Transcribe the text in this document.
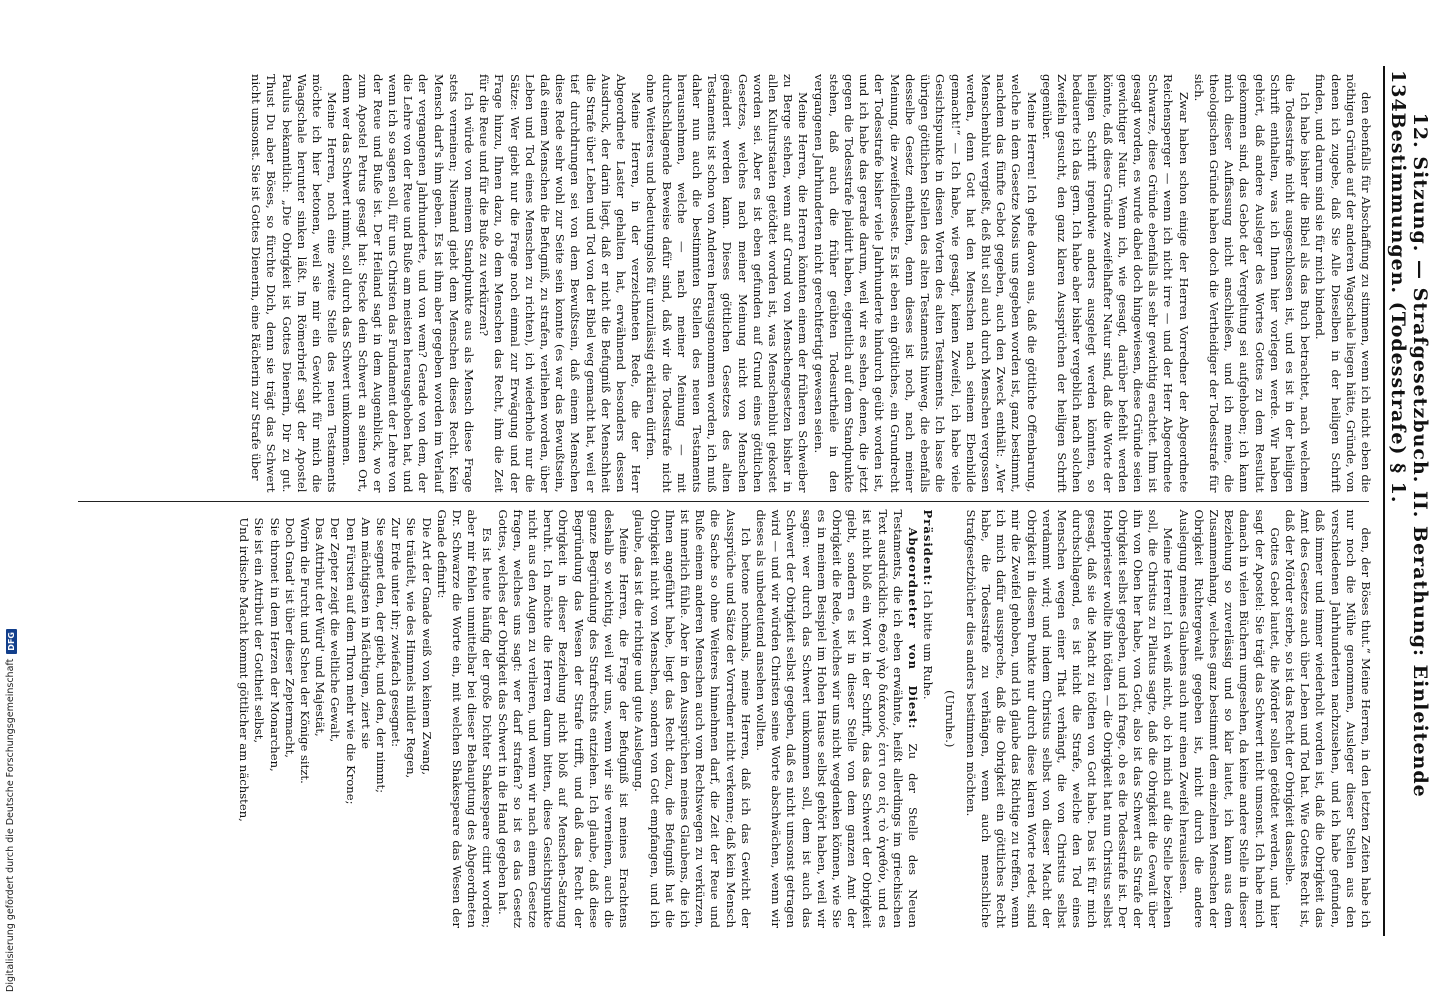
134
12. Sitzung. — Strafgesetzbuch. II. Berathung: Einleitende Bestimmungen. (Todesstrafe) § 1.

den ebenfalls für Abschaffung zu stimmen, wenn ich nicht eben die nöthigen Gründe auf der anderen Wagschale liegen hätte, Gründe, von denen ich zugebe, daß Sie Alle Dieselben in der heiligen Schrift finden, und darum sind sie für mich bindend.

Ich habe bisher die Bibel als das Buch betrachtet, nach welchem die Todesstrafe nicht ausgeschlossen ist, und es ist in der heiligen Schrift enthalten, was ich Ihnen hier vorlegen werde. Wir haben gehört, daß andere Ausleger des Wortes Gottes zu dem Resultat gekommen sind, das Gebot der Vergeltung sei aufgehoben; ich kann mich dieser Auffassung nicht anschließen, und ich meine, die theologischen Gründe haben doch die Vertheidiger der Todesstrafe für sich.

Zwar haben schon einige der Herren Vorredner der Abgeordnete Reichensperger — wenn ich nicht irre — und der Herr Abgeordnete Schwarze, diese Gründe ebenfalls als sehr gewichtig erachtet. Ihm ist gesagt worden, es wurde dabei doch hingewiesen, diese Gründe seien gewichtiger Natur. Wenn ich, wie gesagt, darüber befehlt werden könnte, daß diese Gründe zweifelhafter Natur sind, daß die Worte der heiligen Schrift irgendwie anders ausgelegt werden könnten, so bedauerte ich das gern. Ich habe aber bisher vergeblich nach solchen Zweifeln gesucht, den ganz klaren Aussprüchen der heiligen Schrift gegenüber.

Meine Herren! Ich gehe davon aus, daß die göttliche Offenbarung, welche in dem Gesetze Mosis uns gegeben worden ist, ganz bestimmt, nachdem das fünfte Gebot gegeben, auch den Zweck enthält: „Wer Menschenblut vergießt, deß Blut soll auch durch Menschen vergossen werden, denn Gott hat den Menschen nach seinem Ebenbilde gemacht!“ — Ich habe, wie gesagt, keinen Zweifel, ich habe viele Gesichtspunkte in diesen Worten des alten Testaments. Ich lasse die übrigen göttlichen Stellen des alten Testaments hinweg, die ebenfalls desselbe Gesetz enthalten, denn dieses ist noch, nach meiner Meinung, die zweifelloseste. Es ist eben ein göttliches, ein Grundrecht der Todesstrafe bisher viele Jahrhunderte hindurch geübt worden ist, und ich habe das gerade darum, weil wir es sehen, denen, die jetzt gegen die Todesstrafe plaidirt haben, eigentlich auf dem Standpunkte stehen, daß auch die früher geübten Todesurtheile in den vergangenen Jahrhunderten nicht gerechtfertigt gewesen seien.

Meine Herren, die Herren könnten einem der früheren Schweiber zu Berge stehen, wenn auf Grund von Menschengesetzen bisher in allen Kulturstaaten getödtet worden ist, was Menschenblut gekostet worden sei. Aber es ist eben gefunden auf Grund eines göttlichen Gesetzes, welches nach meiner Meinung nicht von Menschen geändert werden kann. Dieses göttlichen Gesetzes des alten Testaments ist schon von Anderen herausgenommen worden, ich muß daher nun auch die bestimmten Stellen des neuen Testaments herausnehmen, welche — nach meiner Meinung — mit durchschlagende Beweise dafür sind, daß wir die Todesstrafe nicht ohne Weiteres und bedeutungslos für unzulässig erklären dürfen.

Meine Herren, in der verzeichneten Rede, die der Herr Abgeordnete Laster gehalten hat, erwähnend besonders dessen Ausdruck, der darin liegt, daß er nicht die Befugniß der Menschheit die Strafe über Leben und Tod von der Bibel weg gemacht hat, weil er tief durchdrungen sei von dem Bewußtsein, daß einem Menschen diese Rede sehr wohl zur Seite sein konnte (es war das Bewußtsein, daß einem Menschen die Befugniß, zu strafen, verliehen worden, über Leben und Tod eines Menschen zu richten), ich wiederhole nur die Sätze: Wer giebt nur die Frage noch einmal zur Erwägung und der Frage hinzu, Ihnen dazu, ob dem Menschen das Recht, ihm die Zeit für die Reue und für die Buße zu verkürzen?

Ich würde von meinem Standpunkte aus als Mensch diese Frage stets verneinen; Niemand giebt dem Menschen dieses Recht. Kein Mensch darf's ihm geben. Es ist ihm aber gegeben worden im Verlauf der vergangenen Jahrhunderte, und von wem? Gerade von dem, der die Lehre von der Reue und Buße am meisten herausgehoben hat, und wenn ich so sagen soll, für uns Christen das Fundament der Lehre von der Reue und Buße ist. Der Heiland sagt in dem Augenblick, wo er zum Apostel Petrus gesagt hat: Stecke dein Schwert an seinen Ort, denn wer das Schwert nimmt, soll durch das Schwert umkommen.

Meine Herren, noch eine zweite Stelle des neuen Testaments möchte ich hier betonen, weil sie mir ein Gewicht für mich die Waagschale herunter sinken läßt. Im Römerbrief sagt der Apostel Paulus bekanntlich: „Die Obrigkeit ist Gottes Dienerin, Dir zu gut. Thust Du aber Böses, so fürchte Dich, denn sie trägt das Schwert nicht umsonst. Sie ist Gottes Dienerin, eine Rächerin zur Strafe über

den, der Böses thut.“ Meine Herren, in den letzten Zeiten habe ich nur noch die Mühe genommen, Ausleger dieser Stellen aus den verschiedenen Jahrhunderten nachzusehen, und ich habe gefunden, daß immer und immer wiederholt worden ist, daß die Obrigkeit das Amt des Gesetzes auch über Leben und Tod hat. Wie Gottes Recht ist, daß der Mörder sterbe, so ist das Recht der Obrigkeit dasselbe.

Gottes Gebot lautet, die Mörder sollen getödtet werden, und hier sagt der Apostel: Sie trägt das Schwert nicht umsonst. Ich habe mich danach in vielen Büchern umgesehen, da keine andere Stelle in dieser Beziehung so zuverlässig und so klar lautet, ich kann aus dem Zusammenhang, welches ganz bestimmt dem einzelnen Menschen der Obrigkeit Richtergewalt gegeben ist, nicht durch die andere Auslegung meines Glaubens auch nur einen Zweifel herauslesen.

Meine Herren! Ich weiß nicht, ob ich mich auf die Stelle beziehen soll, die Christus zu Pilatus sagte, daß die Obrigkeit die Gewalt über ihn von Oben her habe, von Gott, also ist das Schwert als Strafe der Obrigkeit selbst gegeben, und ich frage, ob es die Todesstrafe ist. Der Hohepriester wollte ihn tödten — die Obrigkeit hat nun Christus selbst gesagt, daß sie die Macht zu tödten von Gott habe. Das ist für mich durchschlagend, es ist nicht die Strafe, welche den Tod eines Menschen wegen einer That verhängt, die von Christus selbst verdammt wird; und indem Christus selbst von dieser Macht der Obrigkeit in diesem Punkte nur durch diese klaren Worte redet, sind mir die Zweifel gehoben, und ich glaube das Richtige zu treffen, wenn ich mich dafür ausspreche, daß die Obrigkeit ein göttliches Recht habe, die Todesstrafe zu verhängen, wenn auch menschliche Strafgesetzbücher dies anders bestimmen möchten.

(Unruhe.)

Präsident: Ich bitte um Ruhe.

Abgeordneter von Diest: Zu der Stelle des Neuen Testaments, die ich eben erwähnte, heißt allerdings im griechischen Text ausdrücklich: Θεοῦ γὰρ διάκονός ἐστι σοι εἰς τὸ ἀγαθόν, und es ist nicht bloß ein Wort in der Schrift, das das Schwert der Obrigkeit giebt, sondern es ist in dieser Stelle von dem ganzen Amt der Obrigkeit die Rede, welches wir uns nicht wegdenken können, wie Sie es in meinem Beispiel im Hohen Hause selbst gehört haben, weil wir sagen: wer durch das Schwert umkommen soll, dem ist auch das Schwert der Obrigkeit selbst gegeben, daß es nicht umsonst getragen wird — und wir würden Christen seine Worte abschwächen, wenn wir dieses als unbedeutend ansehen wollten.

Ich betone nochmals, meine Herren, daß ich das Gewicht der Aussprüche und Sätze der Vorredner nicht verkenne; daß kein Mensch die Sache so ohne Weiteres hinnehmen darf, die Zeit der Reue und Buße einem anderen Menschen auch vom Rechtswegen zu verkürzen, ist innerlich fühle. Aber in den Aussprüchen meines Glaubens, die ich Ihnen angeführt habe, liegt das Recht dazu, die Befugniß hat die Obrigkeit nicht von Menschen, sondern von Gott empfangen, und ich glaube, das ist die richtige und gute Auslegung.

Meine Herren, die Frage der Befugniß ist meines Erachtens deshalb so wichtig, weil wir uns, wenn wir sie verneinen, auch die ganze Begründung des Strafrechts entziehen. Ich glaube, daß diese Begründung das Wesen der Strafe trifft, und daß das Recht der Obrigkeit in dieser Beziehung nicht bloß auf Menschen-Satzung beruht. Ich möchte die Herren darum bitten, diese Gesichtspunkte nicht aus den Augen zu verlieren, und wenn wir nach einem Gesetze fragen, welches uns sagt: wer darf strafen? so ist es das Gesetz Gottes, welches der Obrigkeit das Schwert in die Hand gegeben hat.

Es ist heute häufig der große Dichter Shakespeare citirt worden; aber mir fehlen unmittelbar bei dieser Behauptung des Abgeordneten Dr. Schwarze die Worte ein, mit welchen Shakespeare das Wesen der Gnade definirt:

Die Art der Gnade weiß von keinem Zwang,

Sie träufelt, wie des Himmels milder Regen,

Zur Erde unter ihr; zwiefach gesegnet:

Sie segnet den, der giebt, und den, der nimmt;

Am mächtigsten in Mächtigen, ziert sie

Den Fürsten auf dem Thron mehr wie die Krone;

Der Zepter zeigt die weltliche Gewalt,

Das Attribut der Würd' und Majestät,

Worin die Furcht und Scheu der Könige sitzt.

Doch Gnad' ist über dieser Zeptermacht,

Sie thronet in dem Herzen der Monarchen,

Sie ist ein Attribut der Gottheit selbst,

Und irdische Macht kommt göttlicher am nächsten,

Digitalisierung gefördert durch die Deutsche Forschungsgemeinschaft
DFG
